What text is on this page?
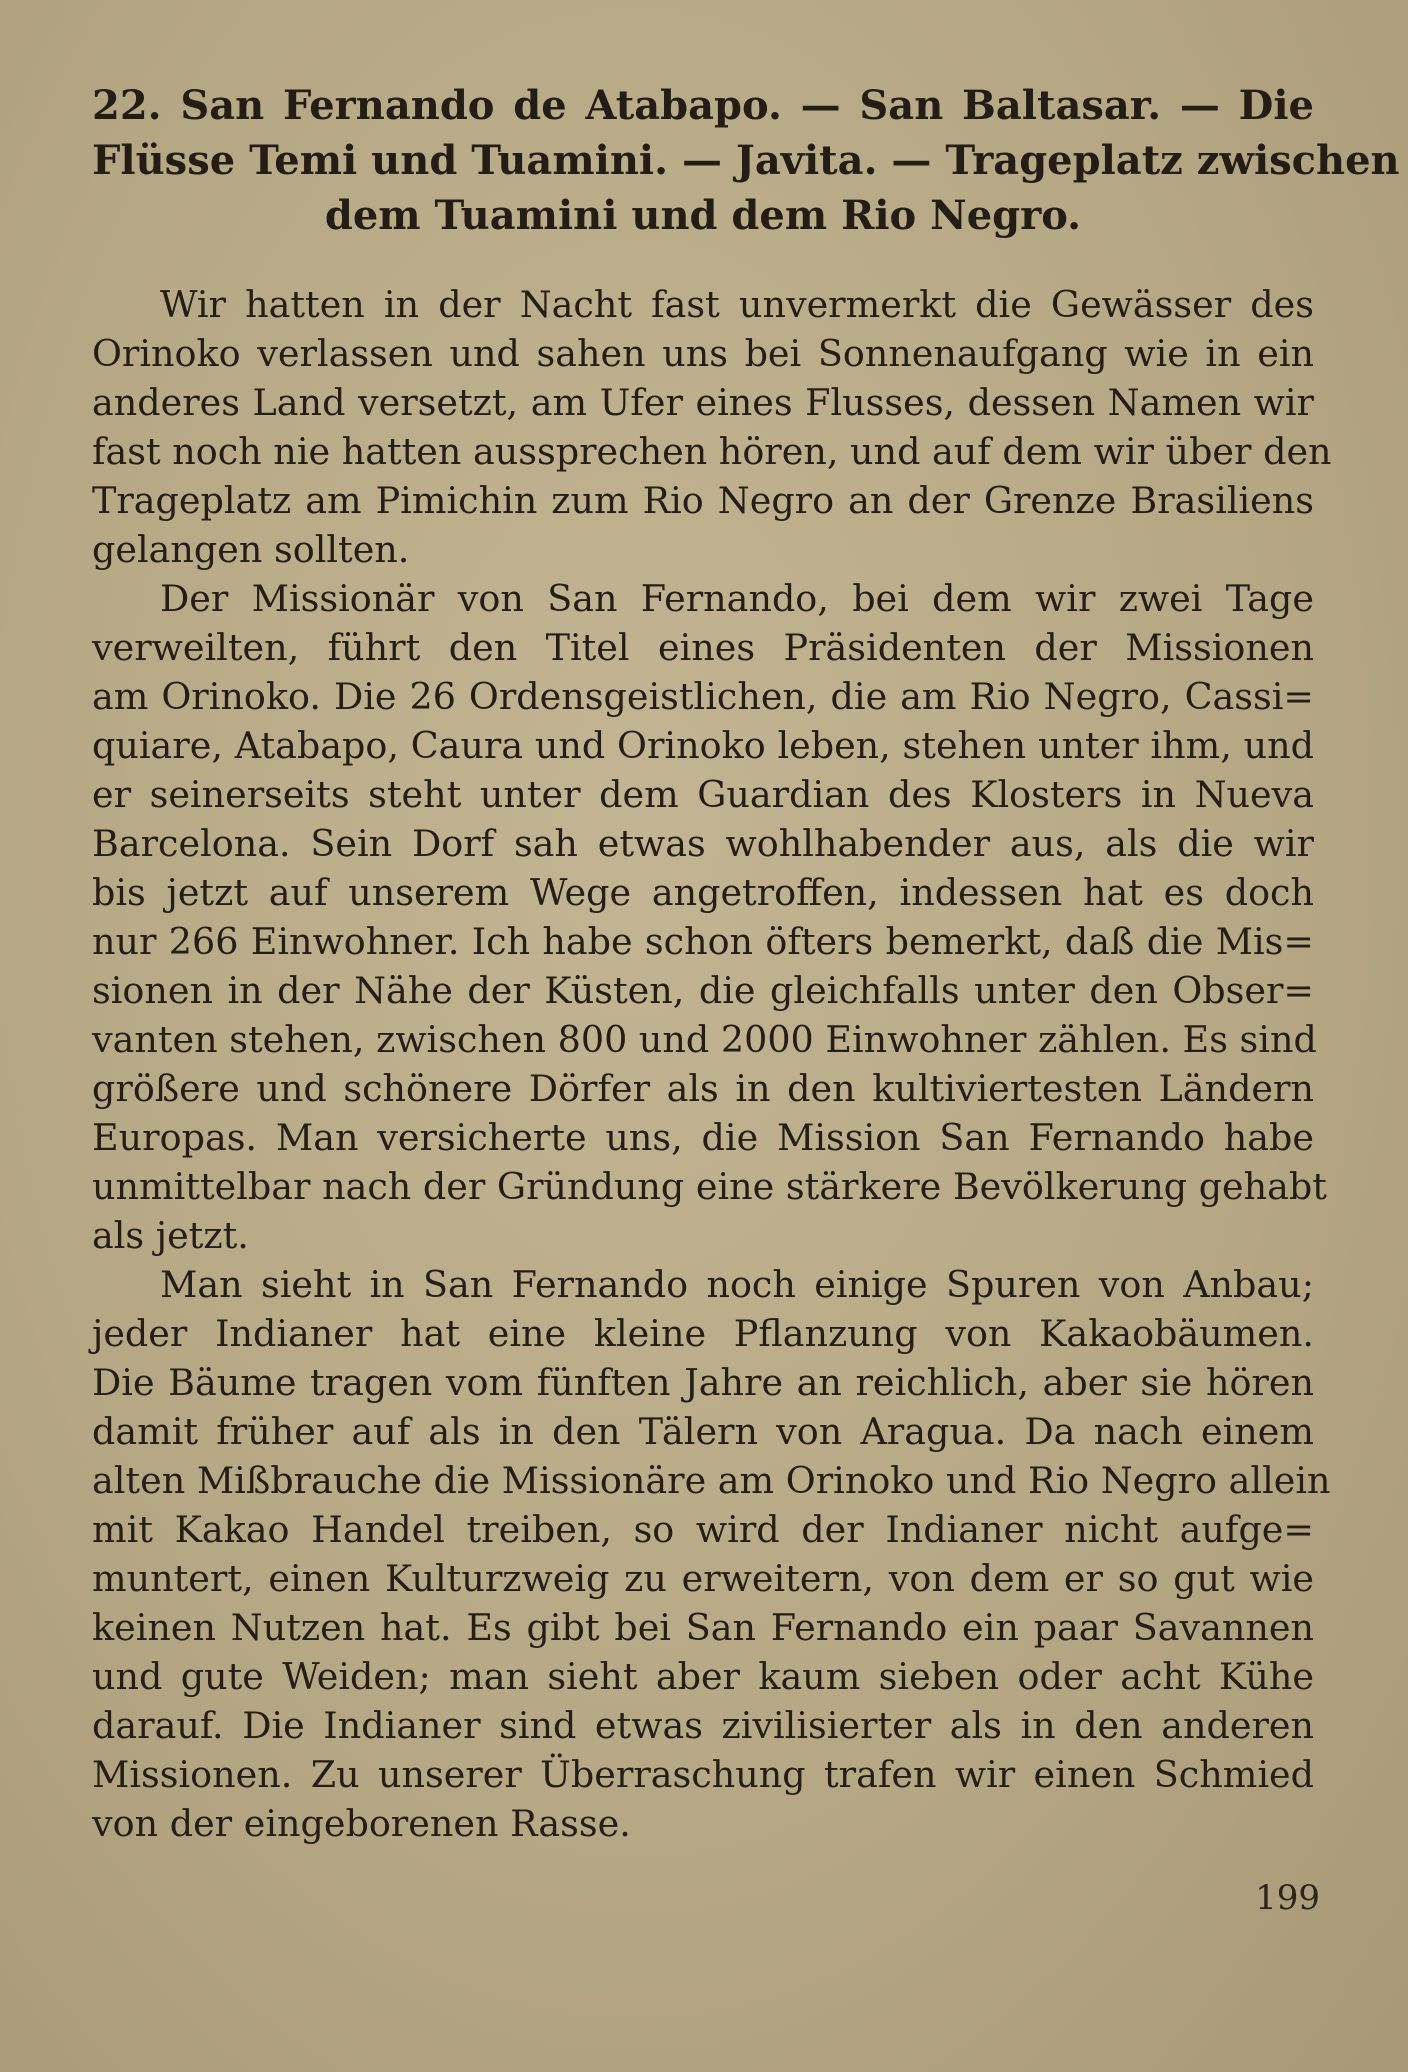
22. San Fernando de Atabapo. — San Baltasar. — Die
Flüsse Temi und Tuamini. — Javita. — Trageplatz zwischen
dem Tuamini und dem Rio Negro.

Wir hatten in der Nacht fast unvermerkt die Gewässer des
Orinoko verlassen und sahen uns bei Sonnenaufgang wie in ein
anderes Land versetzt, am Ufer eines Flusses, dessen Namen wir
fast noch nie hatten aussprechen hören, und auf dem wir über den
Trageplatz am Pimichin zum Rio Negro an der Grenze Brasiliens
gelangen sollten.

Der Missionär von San Fernando, bei dem wir zwei Tage
verweilten, führt den Titel eines Präsidenten der Missionen
am Orinoko. Die 26 Ordensgeistlichen, die am Rio Negro, Cassi=
quiare, Atabapo, Caura und Orinoko leben, stehen unter ihm, und
er seinerseits steht unter dem Guardian des Klosters in Nueva
Barcelona. Sein Dorf sah etwas wohlhabender aus, als die wir
bis jetzt auf unserem Wege angetroffen, indessen hat es doch
nur 266 Einwohner. Ich habe schon öfters bemerkt, daß die Mis=
sionen in der Nähe der Küsten, die gleichfalls unter den Obser=
vanten stehen, zwischen 800 und 2000 Einwohner zählen. Es sind
größere und schönere Dörfer als in den kultiviertesten Ländern
Europas. Man versicherte uns, die Mission San Fernando habe
unmittelbar nach der Gründung eine stärkere Bevölkerung gehabt
als jetzt.

Man sieht in San Fernando noch einige Spuren von Anbau;
jeder Indianer hat eine kleine Pflanzung von Kakaobäumen.
Die Bäume tragen vom fünften Jahre an reichlich, aber sie hören
damit früher auf als in den Tälern von Aragua. Da nach einem
alten Mißbrauche die Missionäre am Orinoko und Rio Negro allein
mit Kakao Handel treiben, so wird der Indianer nicht aufge=
muntert, einen Kulturzweig zu erweitern, von dem er so gut wie
keinen Nutzen hat. Es gibt bei San Fernando ein paar Savannen
und gute Weiden; man sieht aber kaum sieben oder acht Kühe
darauf. Die Indianer sind etwas zivilisierter als in den anderen
Missionen. Zu unserer Überraschung trafen wir einen Schmied
von der eingeborenen Rasse.

199
